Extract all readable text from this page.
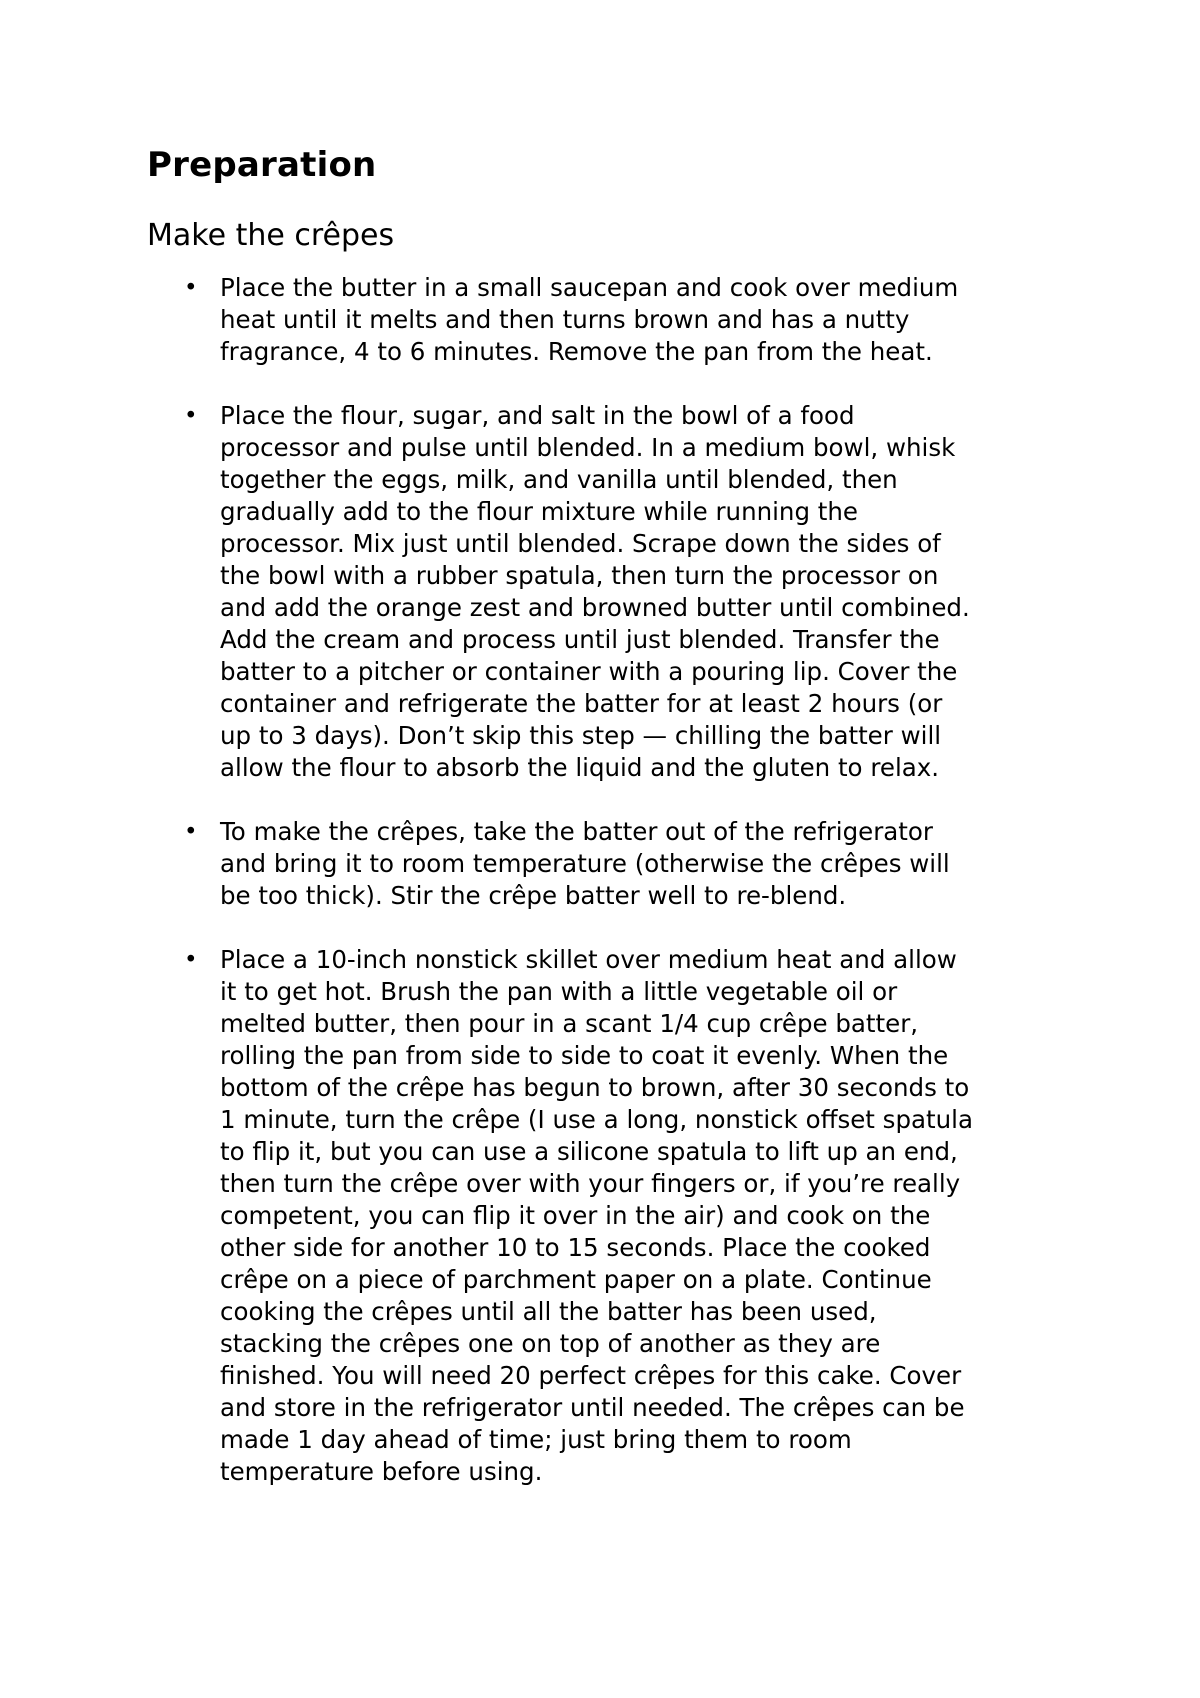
Preparation
Make the crêpes
• Place the butter in a small saucepan and cook over medium
heat until it melts and then turns brown and has a nutty
fragrance, 4 to 6 minutes. Remove the pan from the heat.
• Place the flour, sugar, and salt in the bowl of a food
processor and pulse until blended. In a medium bowl, whisk
together the eggs, milk, and vanilla until blended, then
gradually add to the flour mixture while running the
processor. Mix just until blended. Scrape down the sides of
the bowl with a rubber spatula, then turn the processor on
and add the orange zest and browned butter until combined.
Add the cream and process until just blended. Transfer the
batter to a pitcher or container with a pouring lip. Cover the
container and refrigerate the batter for at least 2 hours (or
up to 3 days). Don’t skip this step — chilling the batter will
allow the flour to absorb the liquid and the gluten to relax.
• To make the crêpes, take the batter out of the refrigerator
and bring it to room temperature (otherwise the crêpes will
be too thick). Stir the crêpe batter well to re-blend.
• Place a 10-inch nonstick skillet over medium heat and allow
it to get hot. Brush the pan with a little vegetable oil or
melted butter, then pour in a scant 1/4 cup crêpe batter,
rolling the pan from side to side to coat it evenly. When the
bottom of the crêpe has begun to brown, after 30 seconds to
1 minute, turn the crêpe (I use a long, nonstick offset spatula
to flip it, but you can use a silicone spatula to lift up an end,
then turn the crêpe over with your fingers or, if you’re really
competent, you can flip it over in the air) and cook on the
other side for another 10 to 15 seconds. Place the cooked
crêpe on a piece of parchment paper on a plate. Continue
cooking the crêpes until all the batter has been used,
stacking the crêpes one on top of another as they are
finished. You will need 20 perfect crêpes for this cake. Cover
and store in the refrigerator until needed. The crêpes can be
made 1 day ahead of time; just bring them to room
temperature before using.
